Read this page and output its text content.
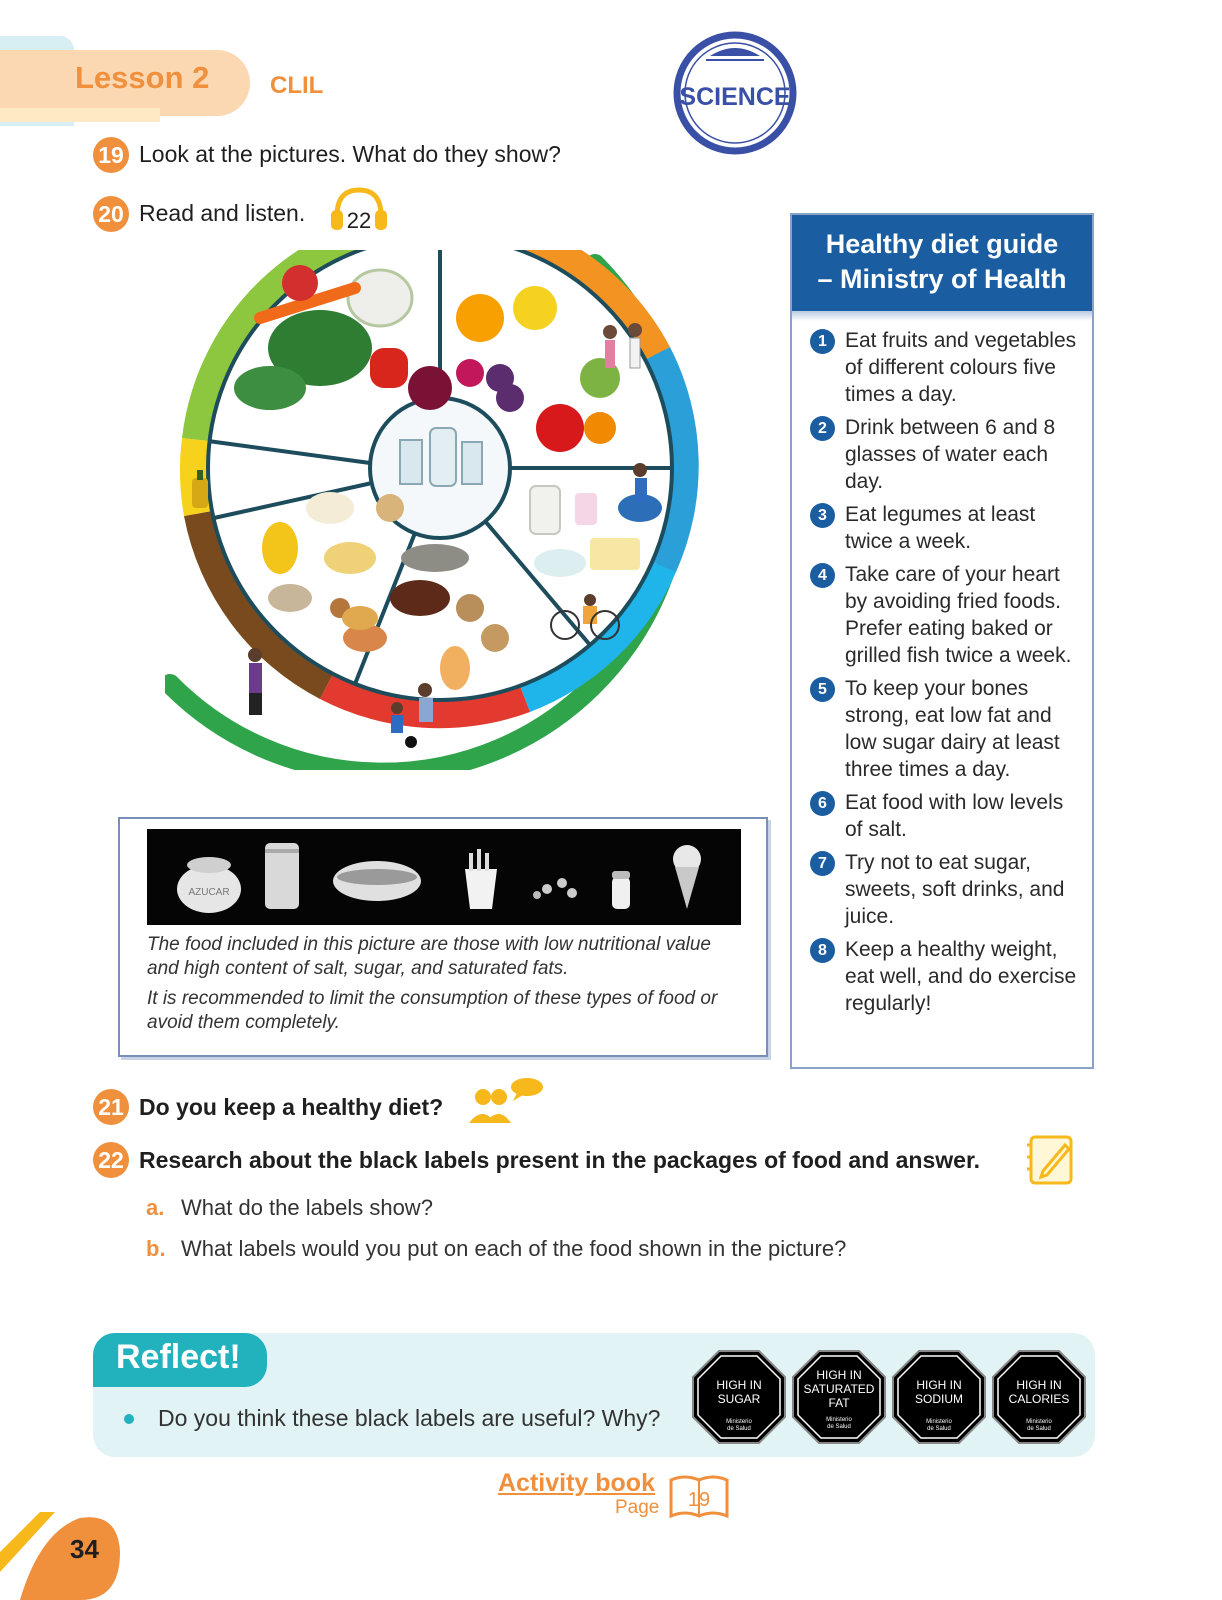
Lesson 2	CLIL	SCIENCE
19 Look at the pictures. What do they show?
20 Read and listen. 22
AZUCAR

The food included in this picture are those with low nutritional value and high content of salt, sugar, and saturated fats.

It is recommended to limit the consumption of these types of food or avoid them completely.

Healthy diet guide
– Ministry of Health
1 Eat fruits and vegetables of different colours five times a day.
2 Drink between 6 and 8 glasses of water each day.
3 Eat legumes at least twice a week.
4 Take care of your heart by avoiding fried foods. Prefer eating baked or grilled fish twice a week.
5 To keep your bones strong, eat low fat and low sugar dairy at least three times a day.
6 Eat food with low levels of salt.
7 Try not to eat sugar, sweets, soft drinks, and juice.
8 Keep a healthy weight, eat well, and do exercise regularly!
21 Do you keep a healthy diet?
22 Research about the black labels present in the packages of food and answer.
a. What do the labels show?
b. What labels would you put on each of the food shown in the picture?
Reflect!
Do you think these black labels are useful? Why?
HIGH IN
SUGAR
Ministerio
de Salud
HIGH IN
SATURATED
FAT
Ministerio
de Salud
HIGH IN
SODIUM
Ministerio
de Salud
HIGH IN
CALORIES
Ministerio
de Salud
Activity book
Page 19
34
